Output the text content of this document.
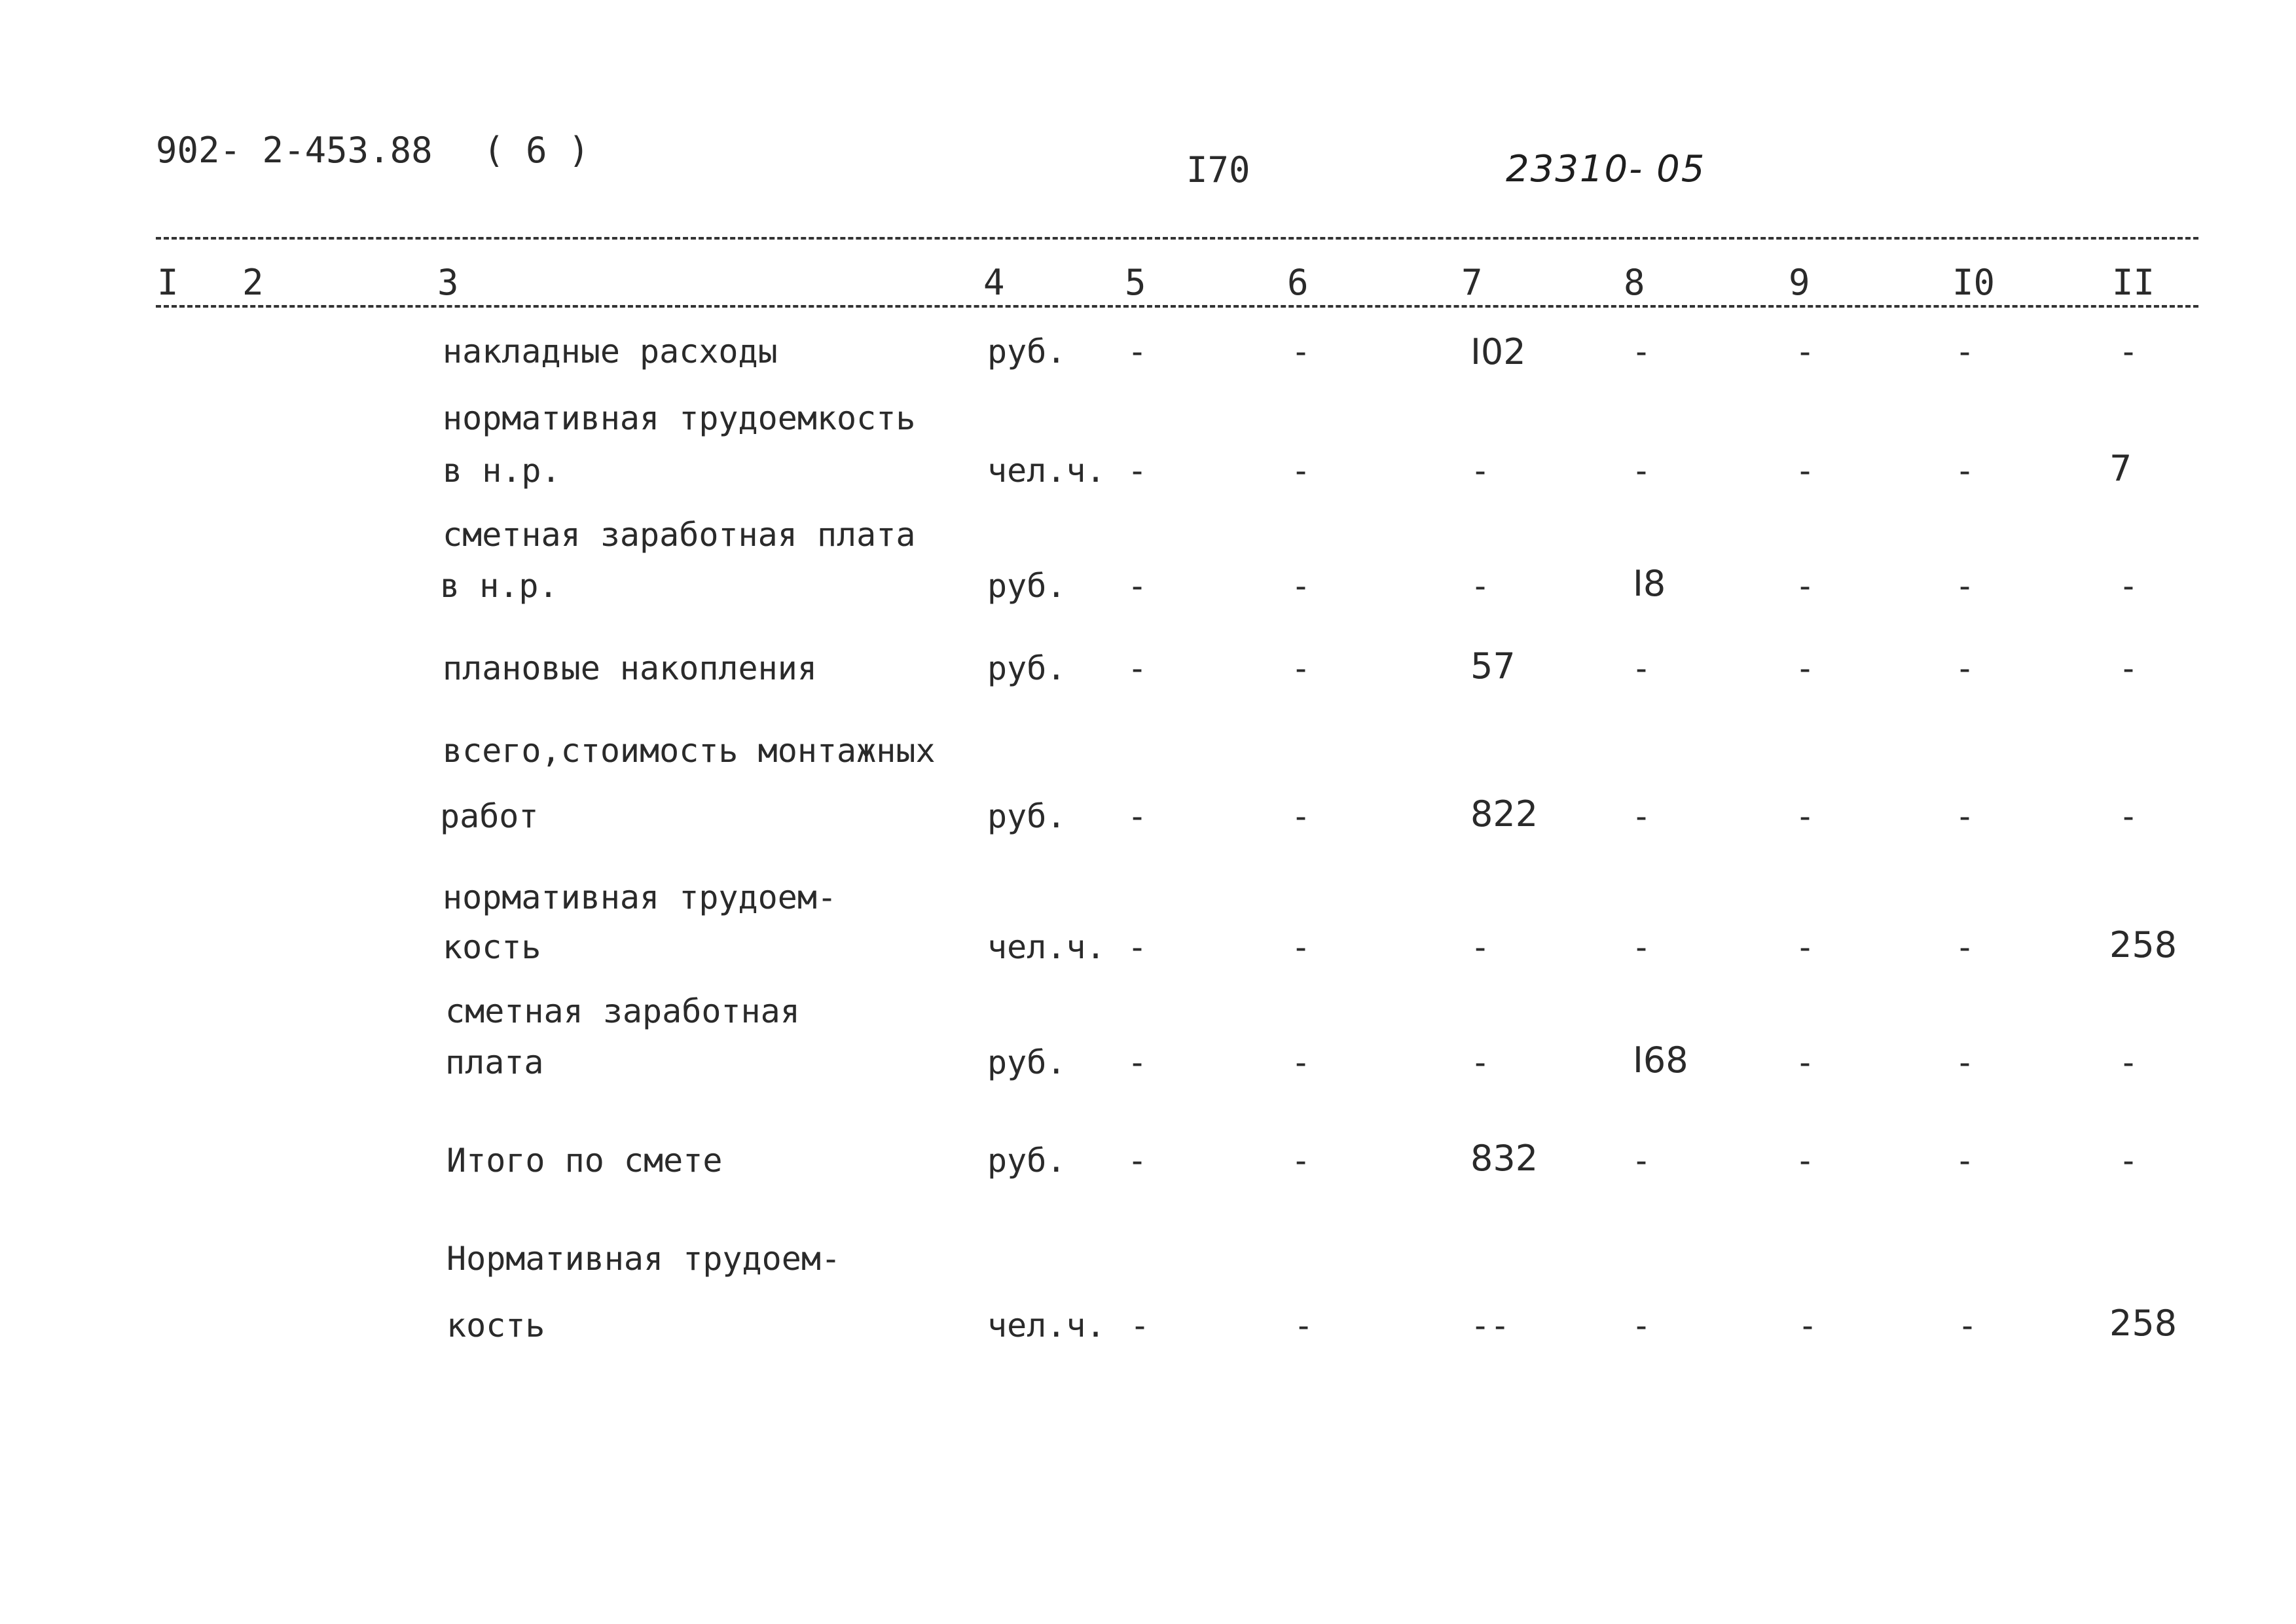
902- 2-453.88 ( 6 )	I70	23310- 05
I 2	3	4	5	6	7	8	9	I0	II
накладные расходы	руб. -	-	I02	-	-	-	-
нормативная трудоемкость
в н.р.	чел.ч. -	-	-	-	-	-	7
сметная заработная плата
в н.р.	руб. -	-	-	I8	-	-	-
плановые накопления	руб. -	-	57	-	-	-	-
всего,стоимость монтажных
работ	руб. -	-	822	-	-	-	-
нормативная трудоем-
кость	чел.ч. -	-	-	-	-	-	258
сметная заработная
плата	руб. -	-	-	I68	-	-	-
Итого по смете	руб. -	-	832	-	-	-	-
Нормативная трудоем-
кость	чел.ч. -	-	--	-	-	-	258
